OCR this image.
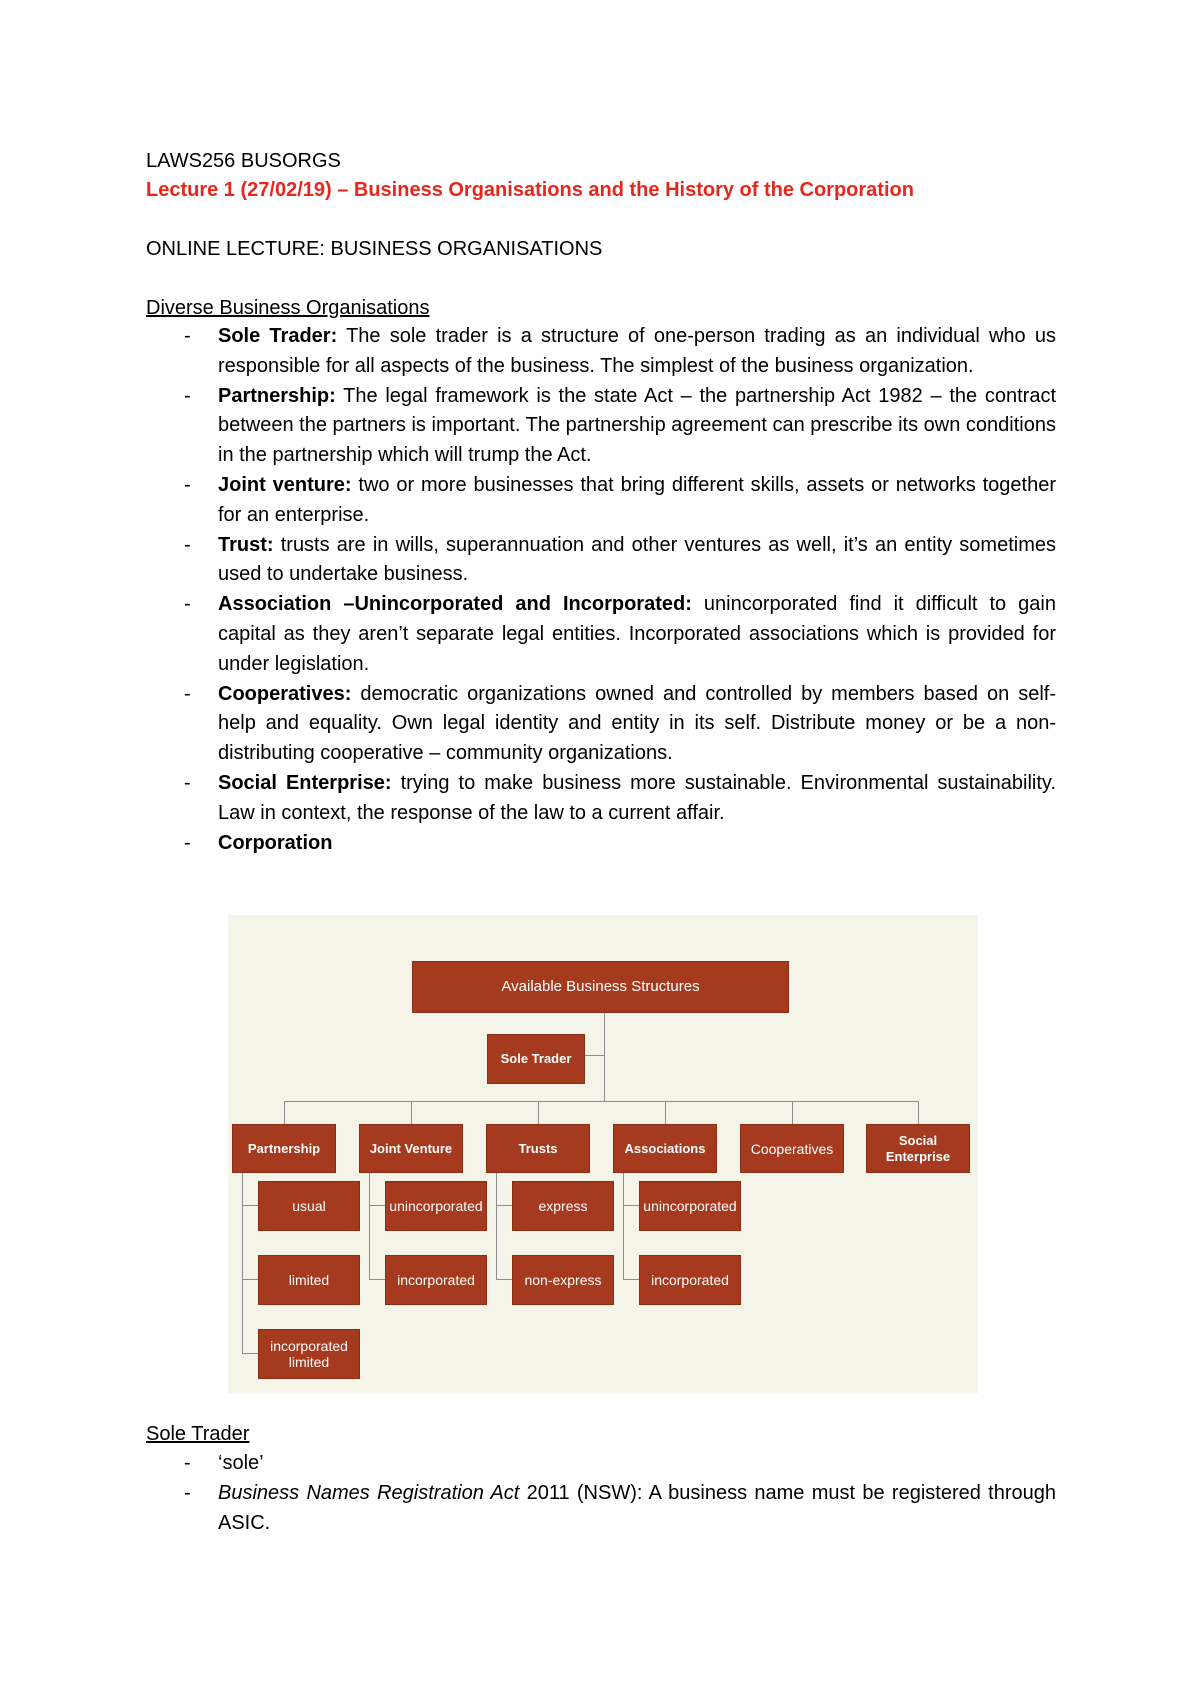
LAWS256 BUSORGS
Lecture 1 (27/02/19) – Business Organisations and the History of the Corporation
ONLINE LECTURE: BUSINESS ORGANISATIONS
Diverse Business Organisations
- Sole Trader: The sole trader is a structure of one-person trading as an individual who us responsible for all aspects of the business. The simplest of the business organization.
- Partnership: The legal framework is the state Act – the partnership Act 1982 – the contract between the partners is important. The partnership agreement can prescribe its own conditions in the partnership which will trump the Act.
- Joint venture: two or more businesses that bring different skills, assets or networks together for an enterprise.
- Trust: trusts are in wills, superannuation and other ventures as well, it’s an entity sometimes used to undertake business.
- Association –Unincorporated and Incorporated: unincorporated find it difficult to gain capital as they aren’t separate legal entities. Incorporated associations which is provided for under legislation.
- Cooperatives: democratic organizations owned and controlled by members based on self-help and equality. Own legal identity and entity in its self. Distribute money or be a non-distributing cooperative – community organizations.
- Social Enterprise: trying to make business more sustainable. Environmental sustainability. Law in context, the response of the law to a current affair.
- Corporation
Available Business Structures
Sole Trader
Partnership	Joint Venture	Trusts	Associations	Cooperatives
Social Enterprise
usual
limited
incorporated limited
unincorporated
incorporated
express
non-express
unincorporated
incorporated
Sole Trader
- ‘sole’
- Business Names Registration Act 2011 (NSW): A business name must be registered through ASIC.
